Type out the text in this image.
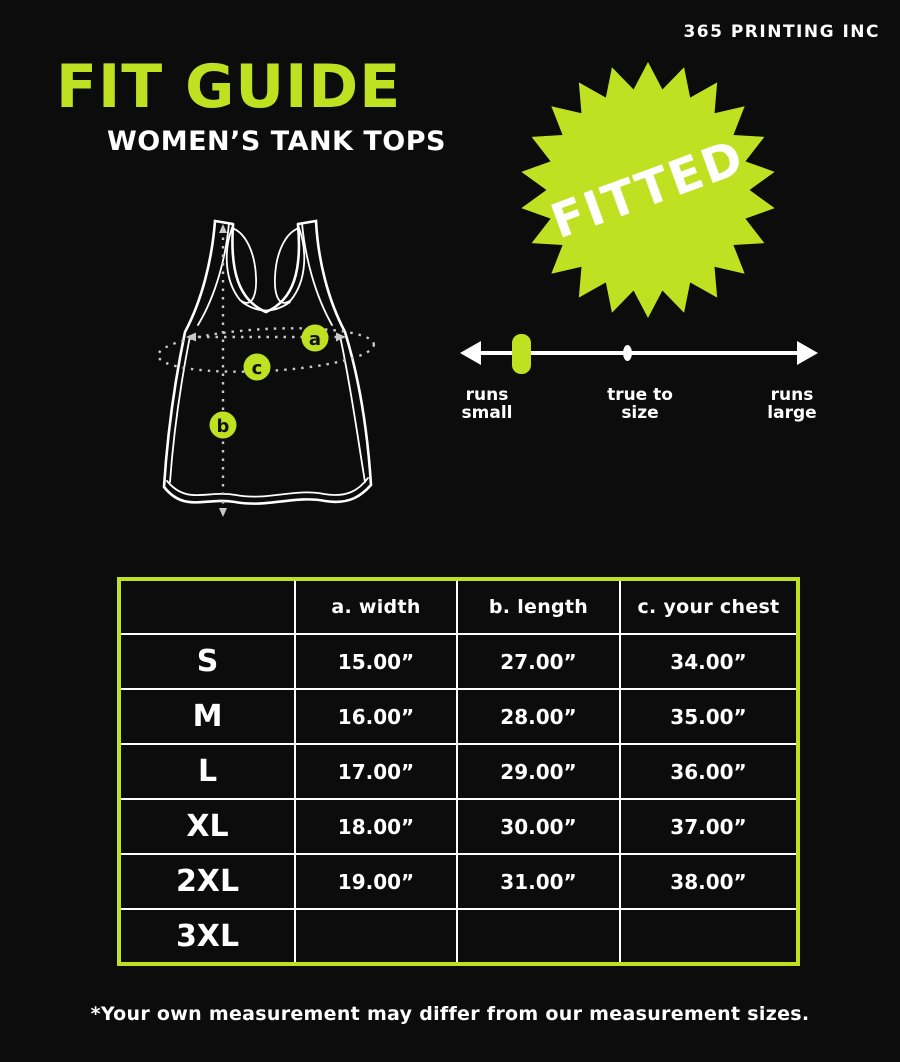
365 PRINTING INC
FIT GUIDE
WOMEN’S TANK TOPS FITTED
a
c
b
runs
small
true to
size
runs
large
	a. width	b. length	c. your chest
S	15.00”	27.00”	34.00”
M	16.00”	28.00”	35.00”
L	17.00”	29.00”	36.00”
XL	18.00”	30.00”	37.00”
2XL	19.00”	31.00”	38.00”
3XL			
*Your own measurement may differ from our measurement sizes.
